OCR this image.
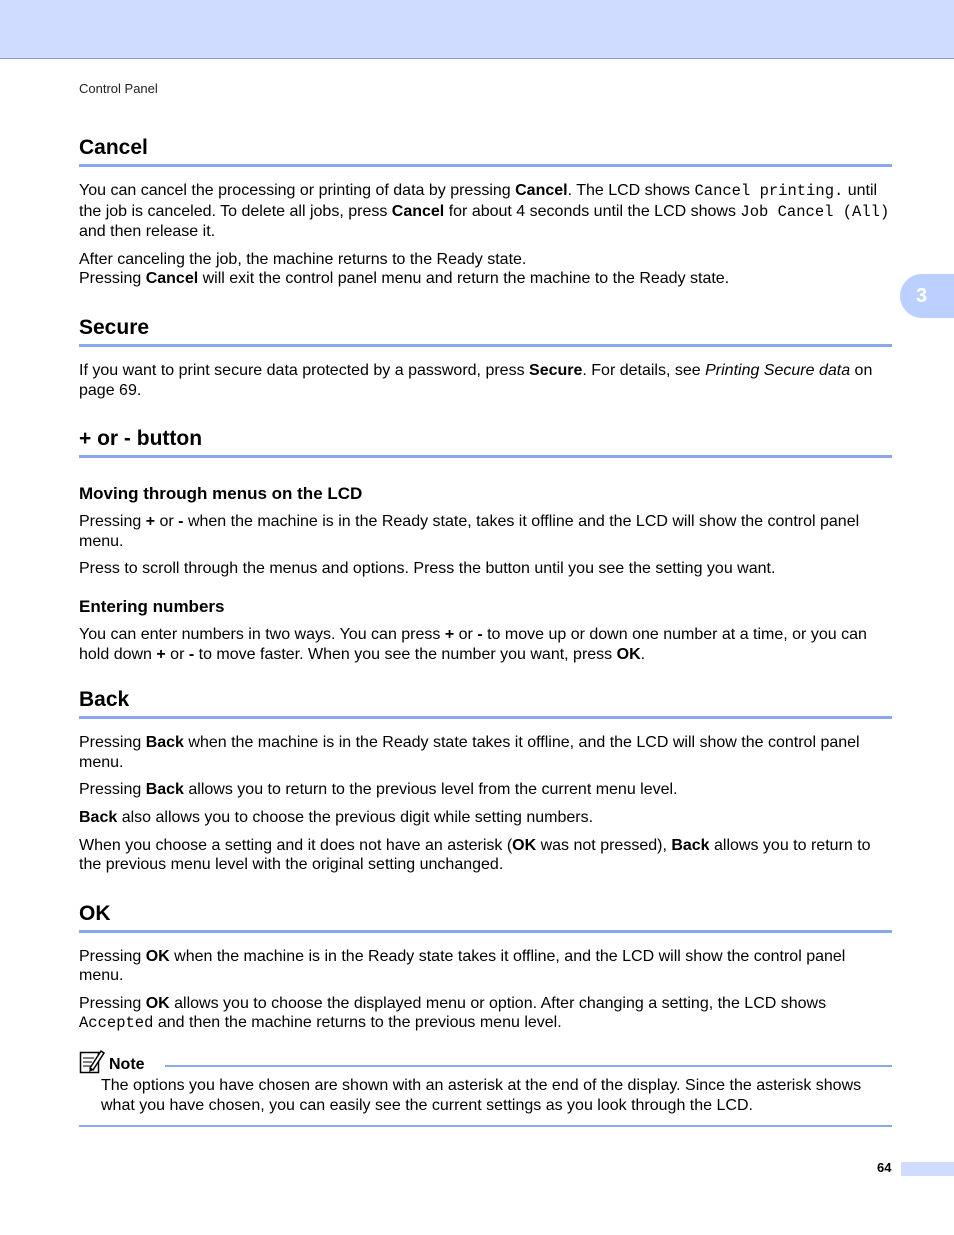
Control Panel
3
Cancel

You can cancel the processing or printing of data by pressing Cancel. The LCD shows Cancel printing. until the job is canceled. To delete all jobs, press Cancel for about 4 seconds until the LCD shows Job Cancel (All) and then release it.

After canceling the job, the machine returns to the Ready state.

Pressing Cancel will exit the control panel menu and return the machine to the Ready state.

Secure

If you want to print secure data protected by a password, press Secure. For details, see Printing Secure data on page 69.

+ or - button
Moving through menus on the LCD

Pressing + or - when the machine is in the Ready state, takes it offline and the LCD will show the control panel menu.

Press to scroll through the menus and options. Press the button until you see the setting you want.

Entering numbers

You can enter numbers in two ways. You can press + or - to move up or down one number at a time, or you can hold down + or - to move faster. When you see the number you want, press OK.

Back

Pressing Back when the machine is in the Ready state takes it offline, and the LCD will show the control panel menu.

Pressing Back allows you to return to the previous level from the current menu level.

Back also allows you to choose the previous digit while setting numbers.

When you choose a setting and it does not have an asterisk (OK was not pressed), Back allows you to return to the previous menu level with the original setting unchanged.

OK

Pressing OK when the machine is in the Ready state takes it offline, and the LCD will show the control panel menu.

Pressing OK allows you to choose the displayed menu or option. After changing a setting, the LCD shows Accepted and then the machine returns to the previous menu level.

Note

The options you have chosen are shown with an asterisk at the end of the display. Since the asterisk shows what you have chosen, you can easily see the current settings as you look through the LCD.

64
